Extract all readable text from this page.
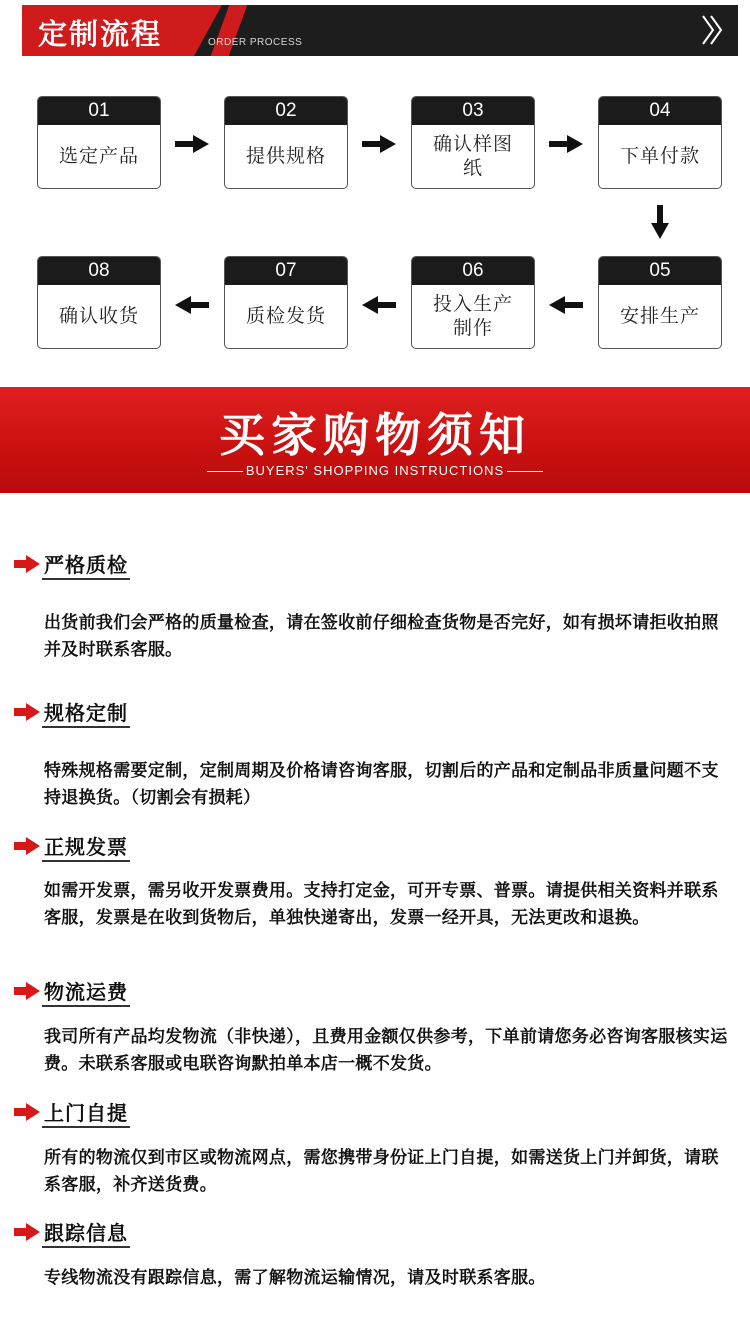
定制流程	ORDER PROCESS
01
选定产品
02
提供规格
03
确认样图纸
04
下单付款
05
安排生产
06
投入生产制作
07
质检发货
08
确认收货
买家购物须知
BUYERS' SHOPPING INSTRUCTIONS
严格质检
出货前我们会严格的质量检查，请在签收前仔细检查货物是否完好，如有损坏请拒收拍照并及时联系客服。
规格定制
特殊规格需要定制，定制周期及价格请咨询客服，切割后的产品和定制品非质量问题不支持退换货。（切割会有损耗）
正规发票
如需开发票，需另收开发票费用。支持打定金，可开专票、普票。请提供相关资料并联系客服，发票是在收到货物后，单独快递寄出，发票一经开具，无法更改和退换。
物流运费
我司所有产品均发物流（非快递），且费用金额仅供参考，下单前请您务必咨询客服核实运费。未联系客服或电联咨询默拍单本店一概不发货。
上门自提
所有的物流仅到市区或物流网点，需您携带身份证上门自提，如需送货上门并卸货，请联系客服，补齐送货费。
跟踪信息
专线物流没有跟踪信息，需了解物流运输情况，请及时联系客服。
